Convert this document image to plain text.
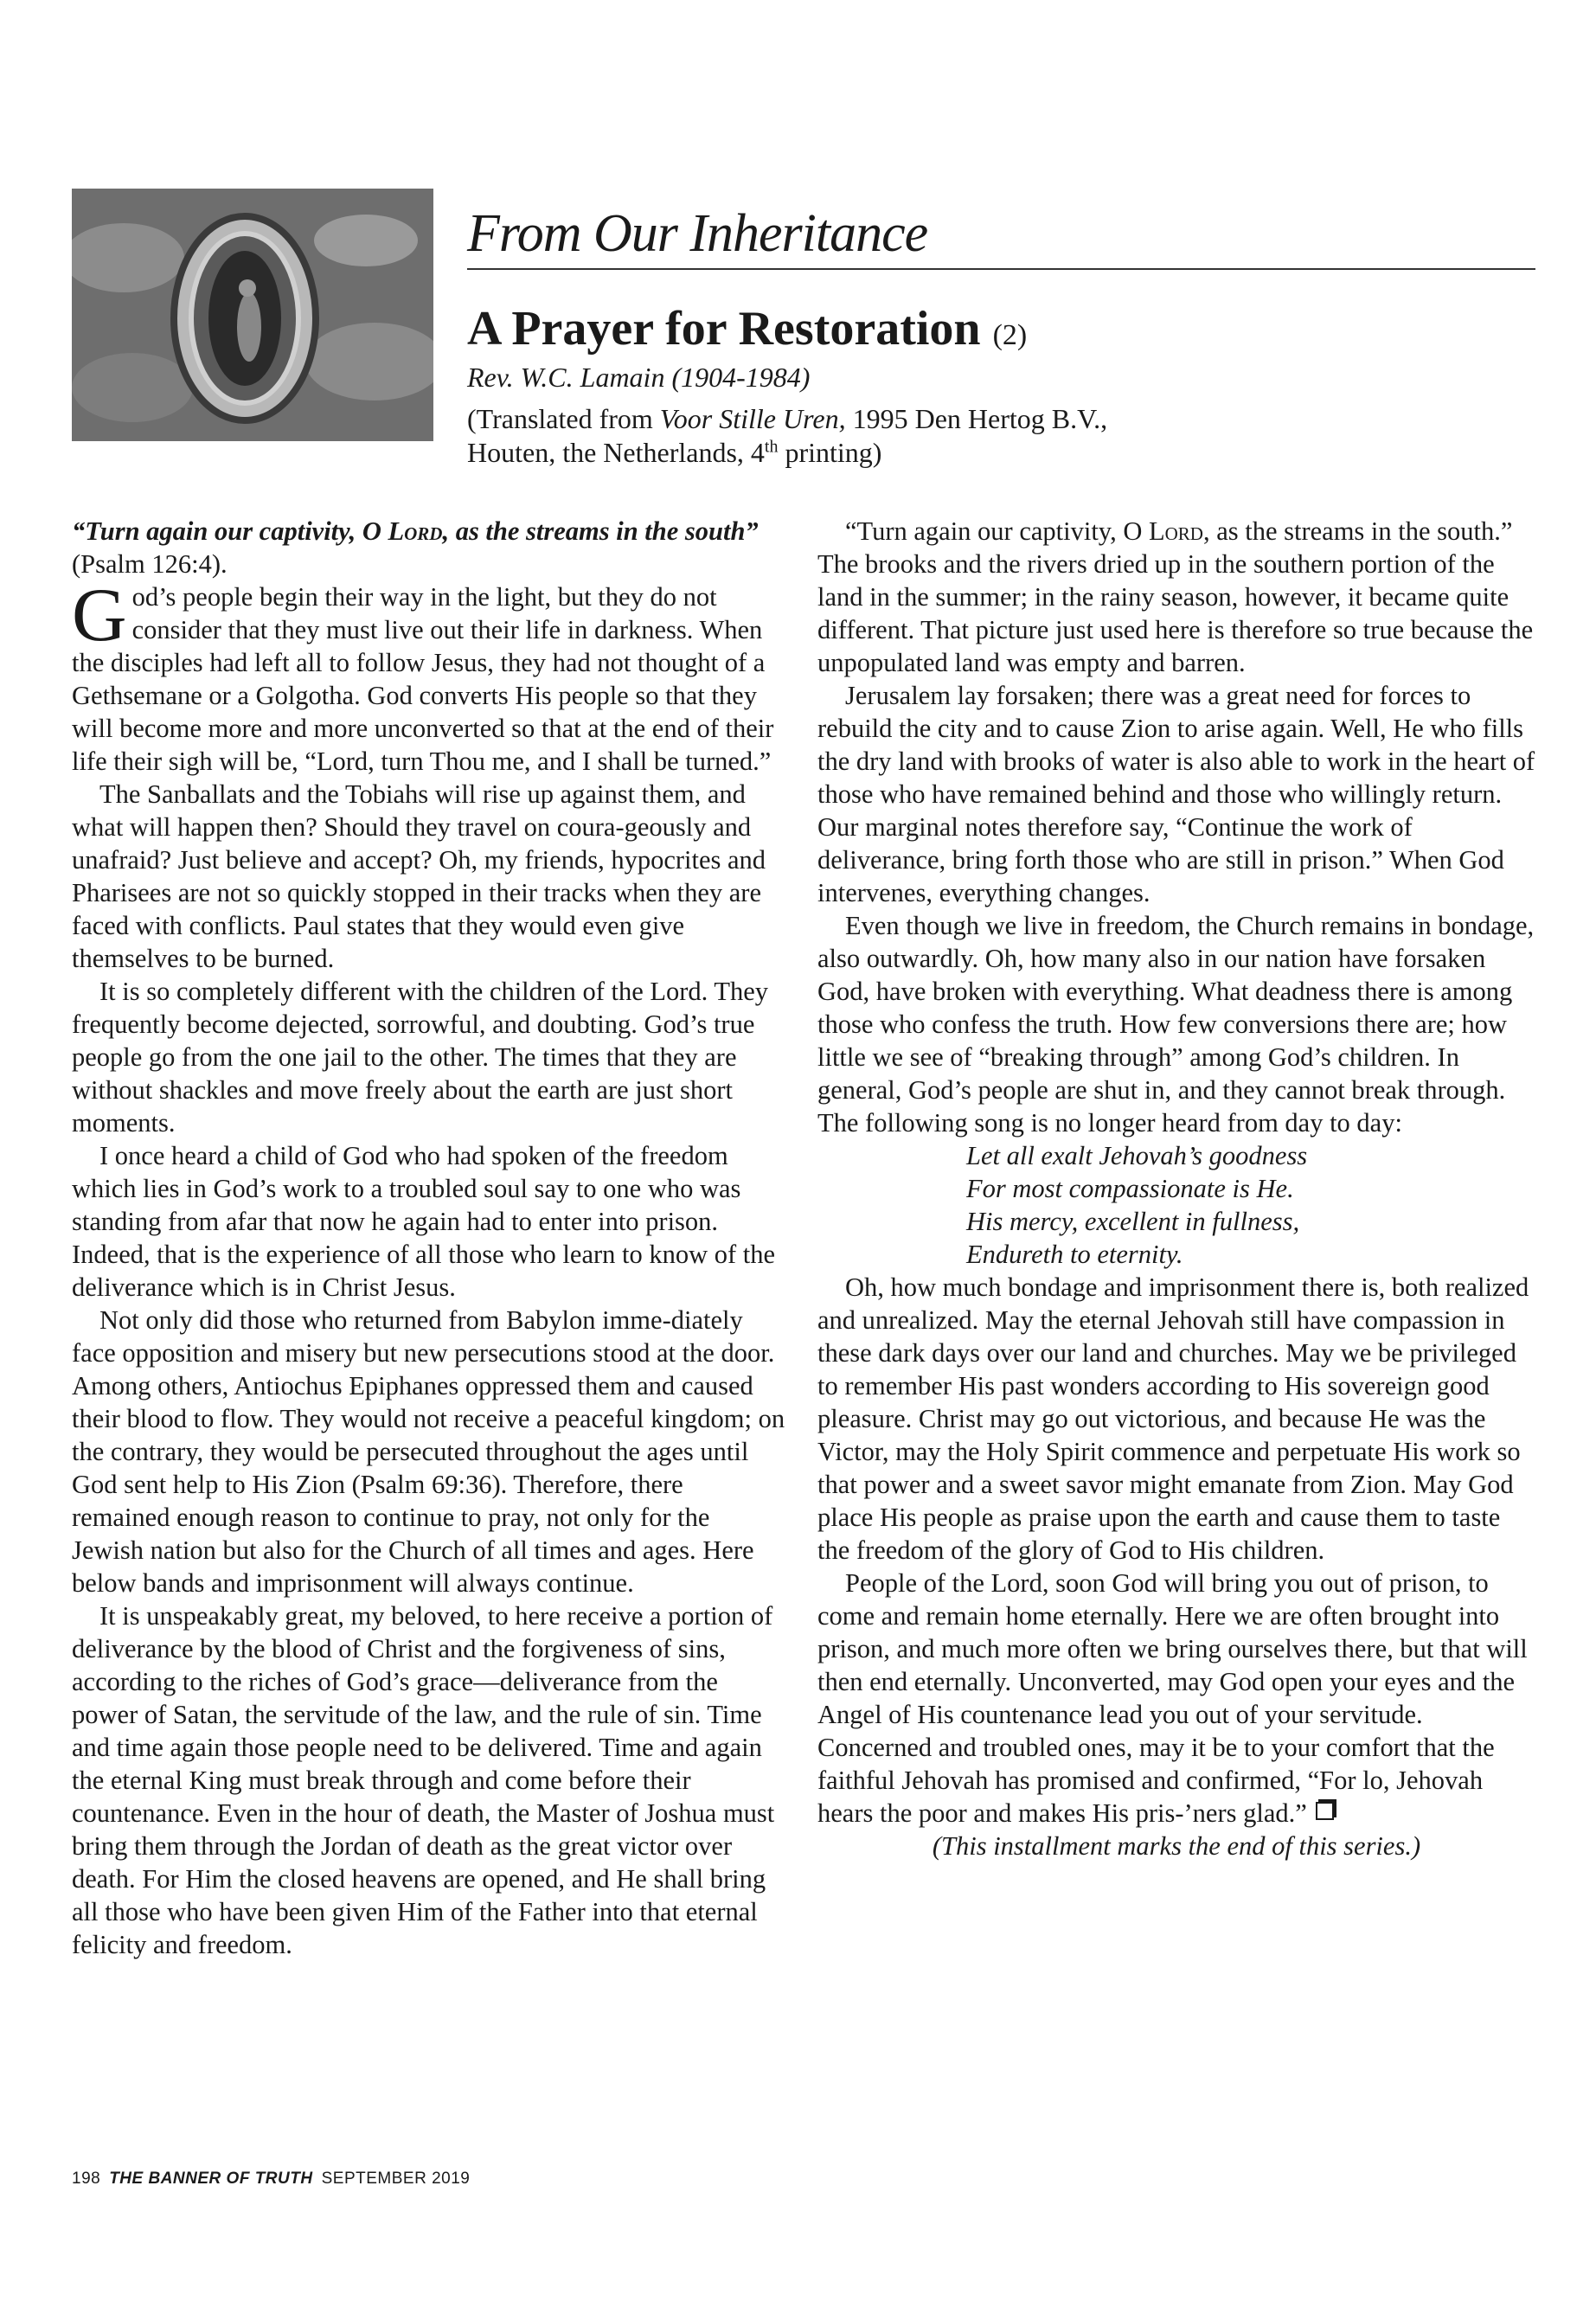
From Our Inheritance
A Prayer for Restoration (2)
Rev. W.C. Lamain (1904-1984)
(Translated from Voor Stille Uren, 1995 Den Hertog B.V.,
Houten, the Netherlands, 4th printing)

“Turn again our captivity, O Lord, as the streams in the south” (Psalm 126:4).

God’s people begin their way in the light, but they do not consider that they must live out their life in darkness. When the disciples had left all to follow Jesus, they had not thought of a Gethsemane or a Golgotha. God converts His people so that they will become more and more unconverted so that at the end of their life their sigh will be, “Lord, turn Thou me, and I shall be turned.”

The Sanballats and the Tobiahs will rise up against them, and what will happen then? Should they travel on coura-geously and unafraid? Just believe and accept? Oh, my friends, hypocrites and Pharisees are not so quickly stopped in their tracks when they are faced with conflicts. Paul states that they would even give themselves to be burned.

It is so completely different with the children of the Lord. They frequently become dejected, sorrowful, and doubting. God’s true people go from the one jail to the other. The times that they are without shackles and move freely about the earth are just short moments.

I once heard a child of God who had spoken of the freedom which lies in God’s work to a troubled soul say to one who was standing from afar that now he again had to enter into prison. Indeed, that is the experience of all those who learn to know of the deliverance which is in Christ Jesus.

Not only did those who returned from Babylon imme-diately face opposition and misery but new persecutions stood at the door. Among others, Antiochus Epiphanes oppressed them and caused their blood to flow. They would not receive a peaceful kingdom; on the contrary, they would be persecuted throughout the ages until God sent help to His Zion (Psalm 69:36). Therefore, there remained enough reason to continue to pray, not only for the Jewish nation but also for the Church of all times and ages. Here below bands and imprisonment will always continue.

It is unspeakably great, my beloved, to here receive a portion of deliverance by the blood of Christ and the forgiveness of sins, according to the riches of God’s grace—deliverance from the power of Satan, the servitude of the law, and the rule of sin. Time and time again those people need to be delivered. Time and again the eternal King must break through and come before their countenance. Even in the hour of death, the Master of Joshua must bring them through the Jordan of death as the great victor over death. For Him the closed heavens are opened, and He shall bring all those who have been given Him of the Father into that eternal felicity and freedom.

“Turn again our captivity, O Lord, as the streams in the south.” The brooks and the rivers dried up in the southern portion of the land in the summer; in the rainy season, however, it became quite different. That picture just used here is therefore so true because the unpopulated land was empty and barren.

Jerusalem lay forsaken; there was a great need for forces to rebuild the city and to cause Zion to arise again. Well, He who fills the dry land with brooks of water is also able to work in the heart of those who have remained behind and those who willingly return. Our marginal notes therefore say, “Continue the work of deliverance, bring forth those who are still in prison.” When God intervenes, everything changes.

Even though we live in freedom, the Church remains in bondage, also outwardly. Oh, how many also in our nation have forsaken God, have broken with everything. What deadness there is among those who confess the truth. How few conversions there are; how little we see of “breaking through” among God’s children. In general, God’s people are shut in, and they cannot break through. The following song is no longer heard from day to day:

Let all exalt Jehovah’s goodness
For most compassionate is He.
His mercy, excellent in fullness,
Endureth to eternity.

Oh, how much bondage and imprisonment there is, both realized and unrealized. May the eternal Jehovah still have compassion in these dark days over our land and churches. May we be privileged to remember His past wonders according to His sovereign good pleasure. Christ may go out victorious, and because He was the Victor, may the Holy Spirit commence and perpetuate His work so that power and a sweet savor might emanate from Zion. May God place His people as praise upon the earth and cause them to taste the freedom of the glory of God to His children.

People of the Lord, soon God will bring you out of prison, to come and remain home eternally. Here we are often brought into prison, and much more often we bring ourselves there, but that will then end eternally. Unconverted, may God open your eyes and the Angel of His countenance lead you out of your servitude. Concerned and troubled ones, may it be to your comfort that the faithful Jehovah has promised and confirmed, “For lo, Jehovah hears the poor and makes His pris-’ners glad.”

(This installment marks the end of this series.)

198 THE BANNER OF TRUTH SEPTEMBER 2019
